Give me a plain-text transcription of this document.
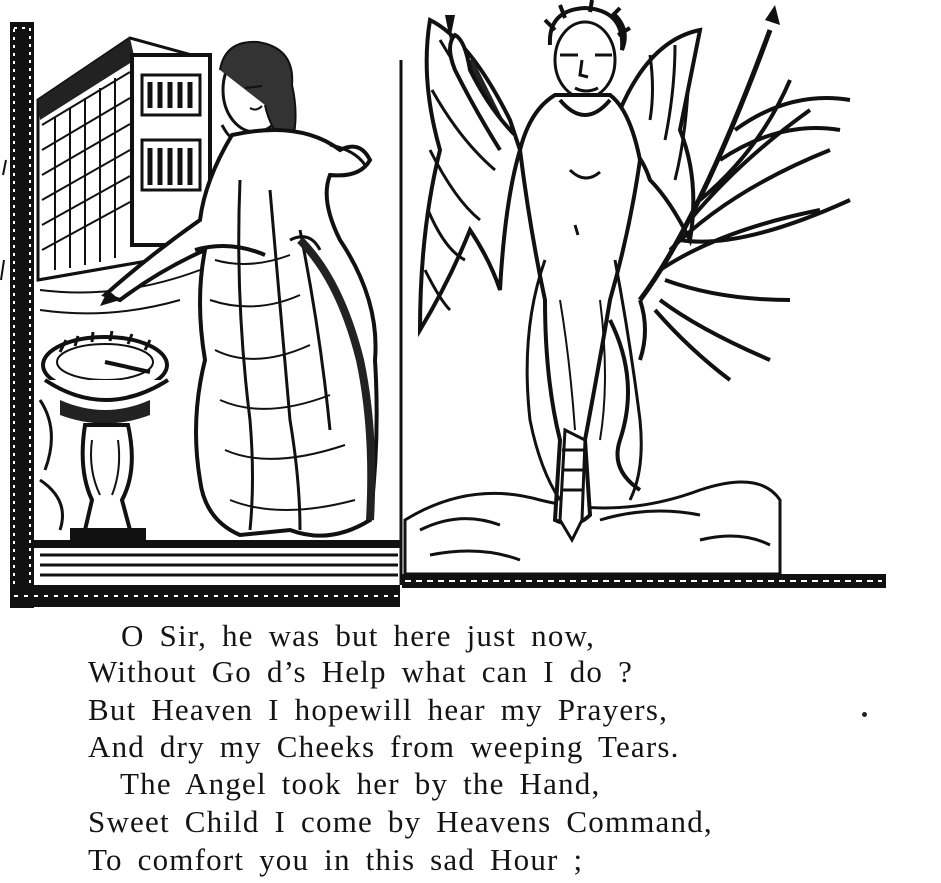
O Sir, he was but here just now,
Without Go d’s Help what can I do ?
But Heaven I hopewill hear my Prayers,
And dry my Cheeks from weeping Tears.
The Angel took her by the Hand,
Sweet Child I come by Heavens Command,
To comfort you in this sad Hour ;
